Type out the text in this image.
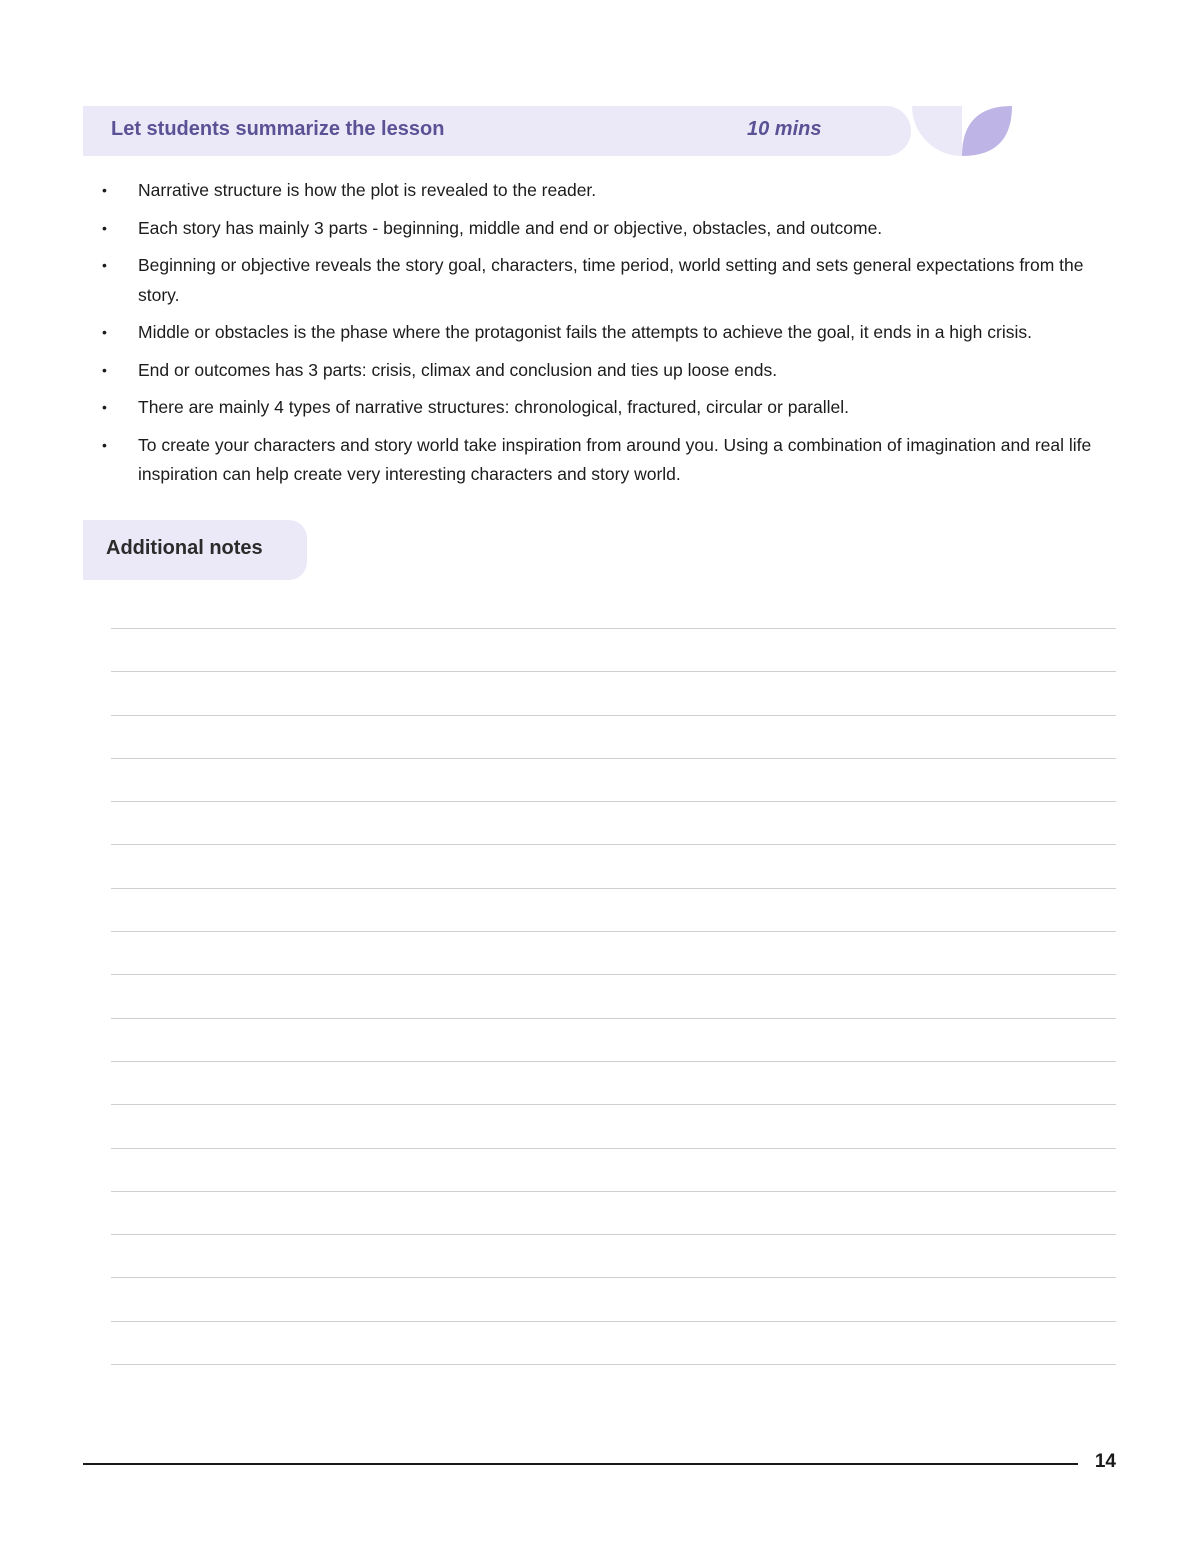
Let students summarize the lesson	10 mins
• Narrative structure is how the plot is revealed to the reader.
• Each story has mainly 3 parts - beginning, middle and end or objective, obstacles, and outcome.
• Beginning or objective reveals the story goal, characters, time period, world setting and sets general expectations from the story.
• Middle or obstacles is the phase where the protagonist fails the attempts to achieve the goal, it ends in a high crisis.
• End or outcomes has 3 parts: crisis, climax and conclusion and ties up loose ends.
• There are mainly 4 types of narrative structures: chronological, fractured, circular or parallel.
• To create your characters and story world take inspiration from around you. Using a combination of imagination and real life inspiration can help create very interesting characters and story world.
Additional notes
14
